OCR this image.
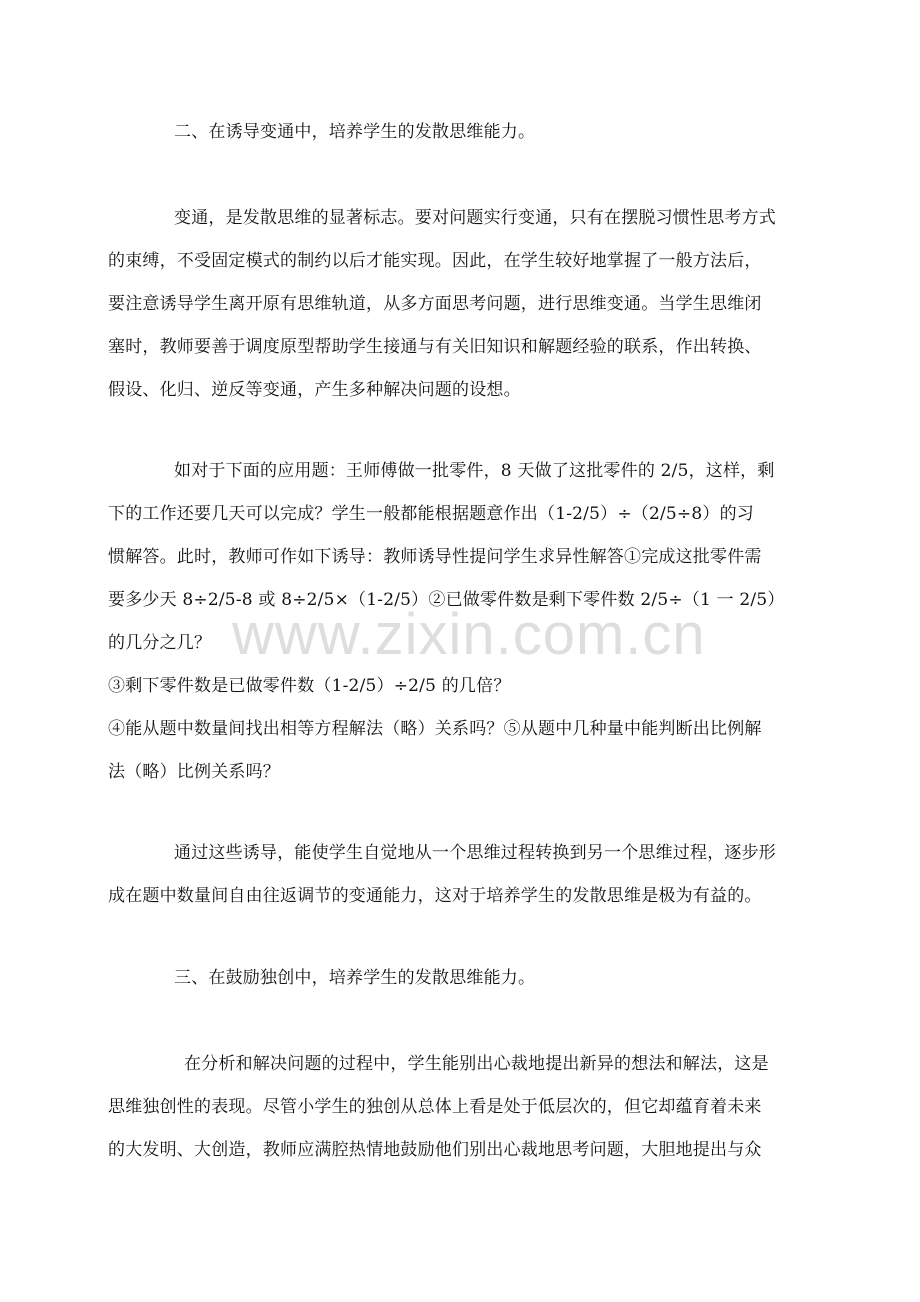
www.zixin.com.cn
二、在诱导变通中，培养学生的发散思维能力。
变通，是发散思维的显著标志。要对问题实行变通，只有在摆脱习惯性思考方式
的束缚，不受固定模式的制约以后才能实现。因此，在学生较好地掌握了一般方法后，
要注意诱导学生离开原有思维轨道，从多方面思考问题，进行思维变通。当学生思维闭
塞时，教师要善于调度原型帮助学生接通与有关旧知识和解题经验的联系，作出转换、
假设、化归、逆反等变通，产生多种解决问题的设想。
如对于下面的应用题：王师傅做一批零件，8 天做了这批零件的 2/5，这样，剩
下的工作还要几天可以完成？学生一般都能根据题意作出（1-2/5）÷（2/5÷8）的习
惯解答。此时，教师可作如下诱导：教师诱导性提问学生求异性解答①完成这批零件需
要多少天 8÷2/5-8 或 8÷2/5×（1-2/5）②已做零件数是剩下零件数 2/5÷（1 一 2/5）
的几分之几？
③剩下零件数是已做零件数（1-2/5）÷2/5 的几倍？
④能从题中数量间找出相等方程解法（略）关系吗？⑤从题中几种量中能判断出比例解
法（略）比例关系吗？
通过这些诱导，能使学生自觉地从一个思维过程转换到另一个思维过程，逐步形
成在题中数量间自由往返调节的变通能力，这对于培养学生的发散思维是极为有益的。
三、在鼓励独创中，培养学生的发散思维能力。
在分析和解决问题的过程中，学生能别出心裁地提出新异的想法和解法，这是
思维独创性的表现。尽管小学生的独创从总体上看是处于低层次的，但它却蕴育着未来
的大发明、大创造，教师应满腔热情地鼓励他们别出心裁地思考问题，大胆地提出与众
